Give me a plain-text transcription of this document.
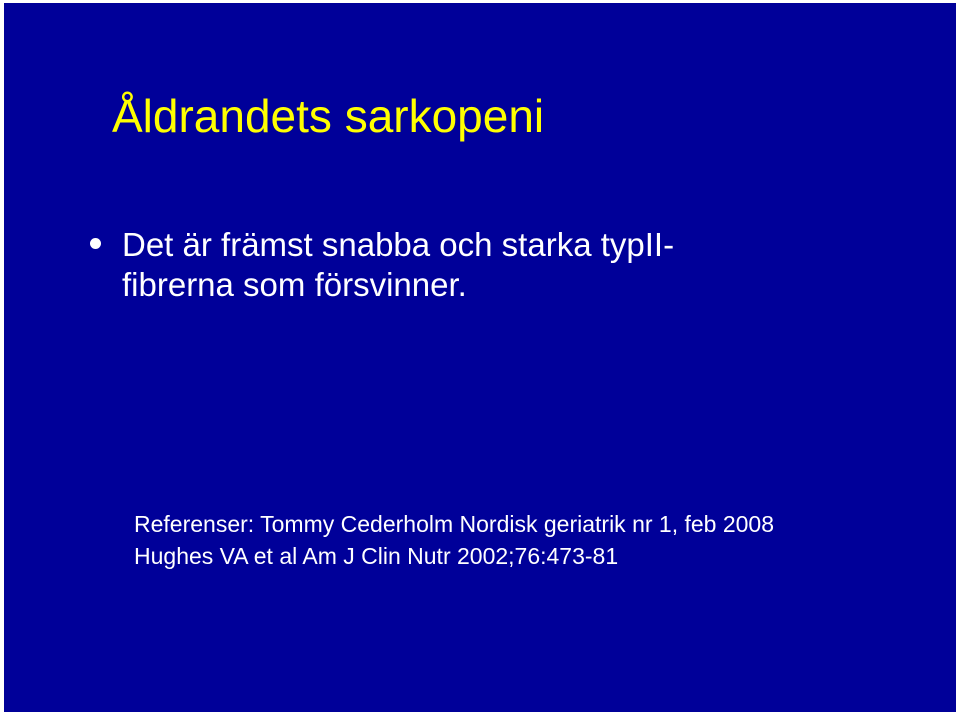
Åldrandets sarkopeni
Det är främst snabba och starka typII-
fibrerna som försvinner.
Referenser: Tommy Cederholm Nordisk geriatrik nr 1, feb 2008
Hughes VA et al Am J Clin Nutr 2002;76:473-81
